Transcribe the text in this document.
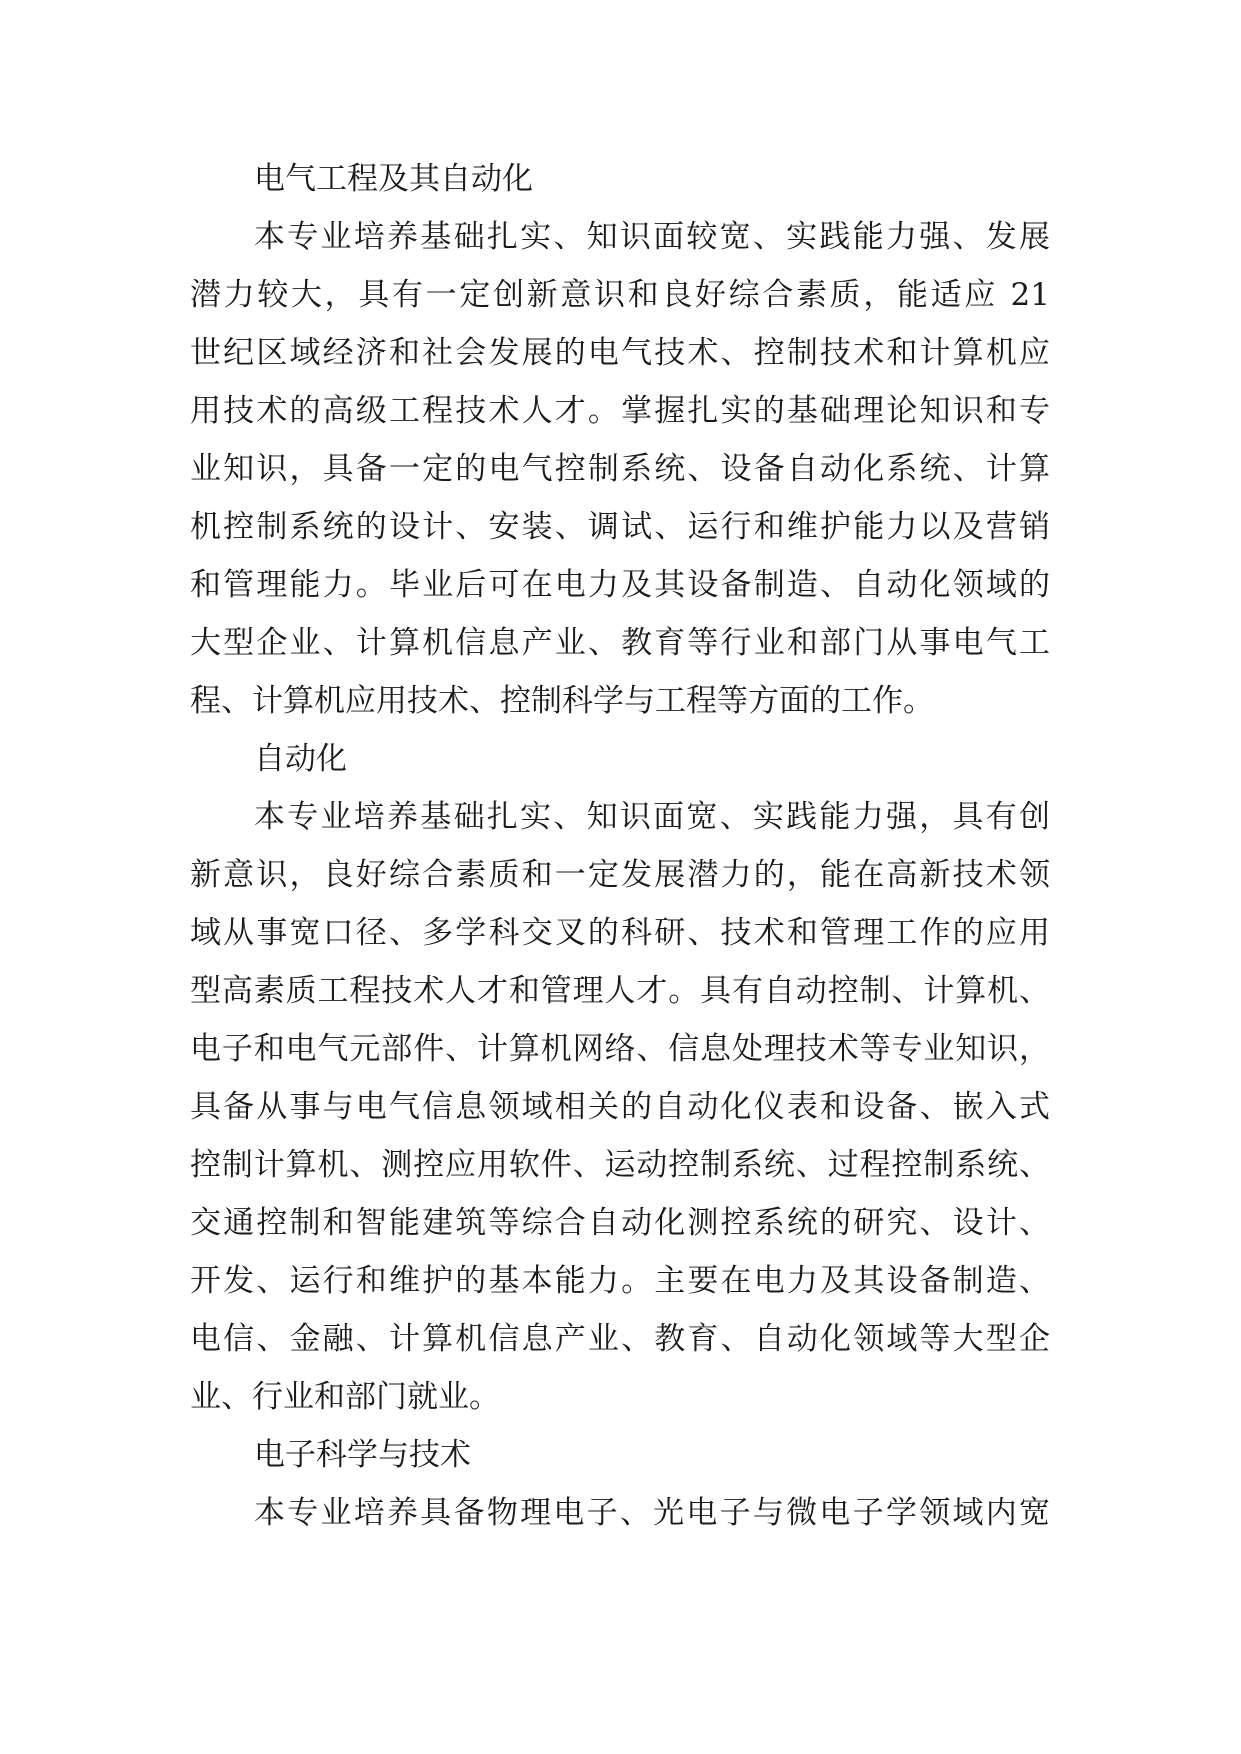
电气工程及其自动化
本专业培养基础扎实、知识面较宽、实践能力强、发展
潜力较大，具有一定创新意识和良好综合素质，能适应 21
世纪区域经济和社会发展的电气技术、控制技术和计算机应
用技术的高级工程技术人才。掌握扎实的基础理论知识和专
业知识，具备一定的电气控制系统、设备自动化系统、计算
机控制系统的设计、安装、调试、运行和维护能力以及营销
和管理能力。毕业后可在电力及其设备制造、自动化领域的
大型企业、计算机信息产业、教育等行业和部门从事电气工
程、计算机应用技术、控制科学与工程等方面的工作。
自动化
本专业培养基础扎实、知识面宽、实践能力强，具有创
新意识，良好综合素质和一定发展潜力的，能在高新技术领
域从事宽口径、多学科交叉的科研、技术和管理工作的应用
型高素质工程技术人才和管理人才。具有自动控制、计算机、
电子和电气元部件、计算机网络、信息处理技术等专业知识，
具备从事与电气信息领域相关的自动化仪表和设备、嵌入式
控制计算机、测控应用软件、运动控制系统、过程控制系统、
交通控制和智能建筑等综合自动化测控系统的研究、设计、
开发、运行和维护的基本能力。主要在电力及其设备制造、
电信、金融、计算机信息产业、教育、自动化领域等大型企
业、行业和部门就业。
电子科学与技术
本专业培养具备物理电子、光电子与微电子学领域内宽
